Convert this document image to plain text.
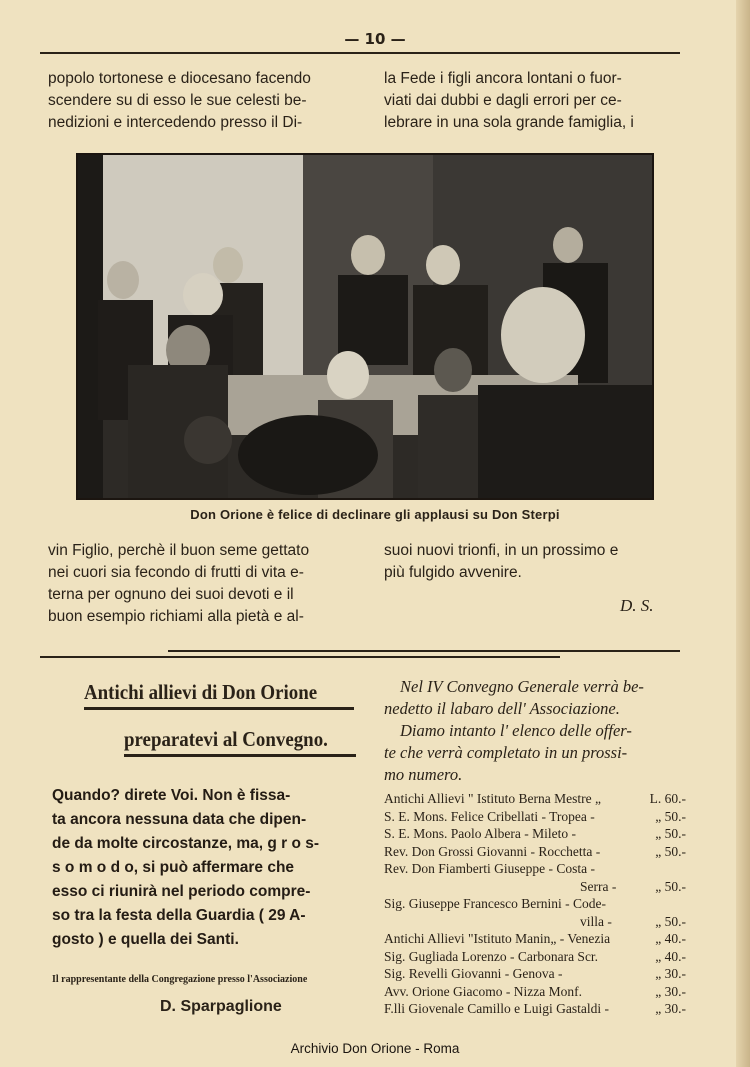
— 10 —
popolo tortonese e diocesano facendo
scendere su di esso le sue celesti be-
nedizioni e intercedendo presso il Di-
la Fede i figli ancora lontani o fuor-
viati dai dubbi e dagli errori per ce-
lebrare in una sola grande famiglia, i
Don Orione è felice di declinare gli applausi su Don Sterpi
vin Figlio, perchè il buon seme gettato
nei cuori sia fecondo di frutti di vita e-
terna per ognuno dei suoi devoti e il
buon esempio richiami alla pietà e al-
suoi nuovi trionfi, in un prossimo e
più fulgido avvenire.
D. S.
Antichi allievi di Don Orione
preparatevi al Convegno.
Quando? direte Voi. Non è fissa-
ta ancora nessuna data che dipen-
de da molte circostanze, ma, g r o s-
s o m o d o, si può affermare che
esso ci riunirà nel periodo compre-
so tra la festa della Guardia ( 29 A-
gosto ) e quella dei Santi.
Il rappresentante della Congregazione presso l'Associazione
D. Sparpaglione
Nel IV Convegno Generale verrà be-
nedetto il labaro dell' Associazione.
Diamo intanto l' elenco delle offer-
te che verrà completato in un prossi-
mo numero.
Antichi Allievi " Istituto Berna Mestre „	L. 60.-
S. E. Mons. Felice Cribellati - Tropea -	„ 50.-
S. E. Mons. Paolo Albera - Mileto -	„ 50.-
Rev. Don Grossi Giovanni - Rocchetta -	„ 50.-
Rev. Don Fiamberti Giuseppe - Costa -
Serra -	„ 50.-
Sig. Giuseppe Francesco Bernini - Code-
villa -	„ 50.-
Antichi Allievi "Istituto Manin„ - Venezia	„ 40.-
Sig. Gugliada Lorenzo - Carbonara Scr.	„ 40.-
Sig. Revelli Giovanni - Genova -	„ 30.-
Avv. Orione Giacomo - Nizza Monf.	„ 30.-
F.lli Giovenale Camillo e Luigi Gastaldi -	„ 30.-
Archivio Don Orione - Roma
